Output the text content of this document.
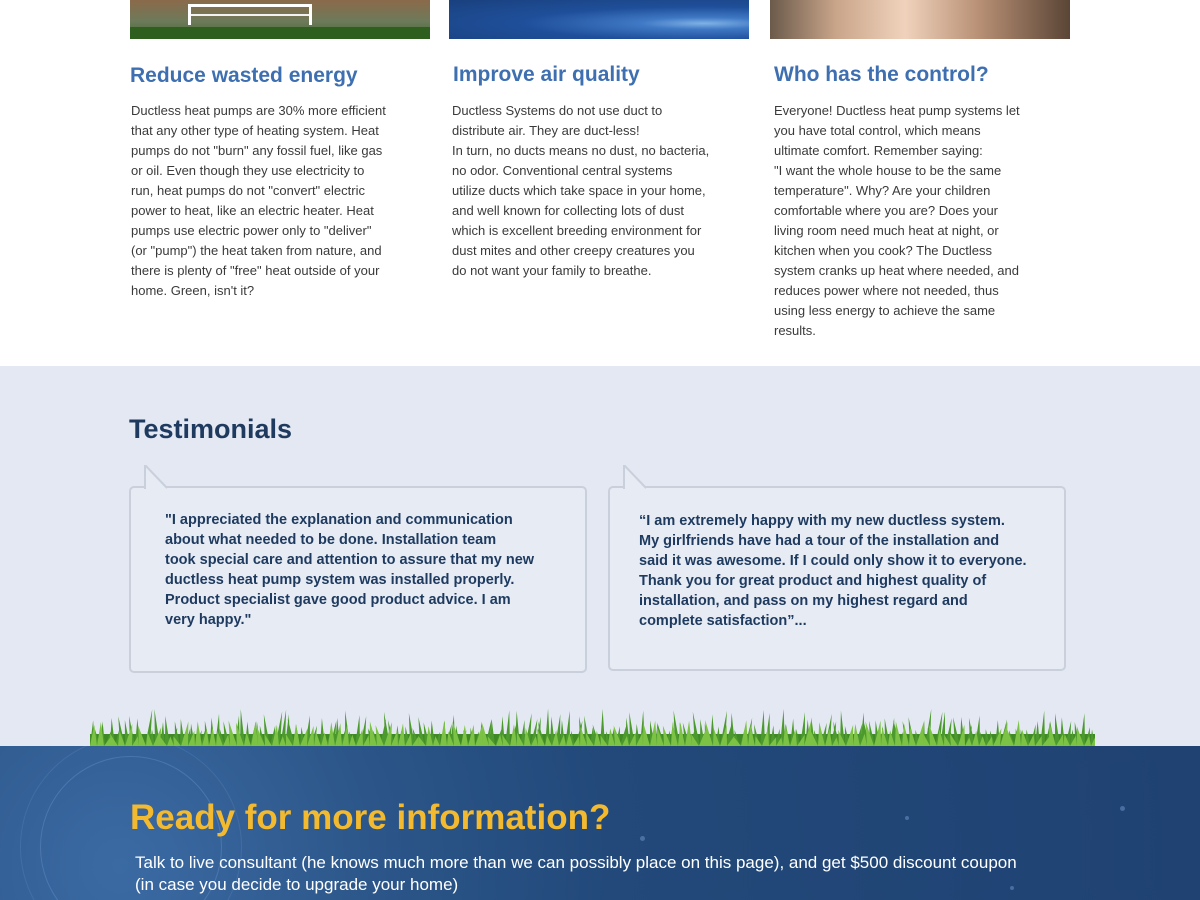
Reduce wasted energy

Ductless heat pumps are 30% more efficient
that any other type of heating system. Heat
pumps do not "burn" any fossil fuel, like gas
or oil. Even though they use electricity to
run, heat pumps do not "convert" electric
power to heat, like an electric heater. Heat
pumps use electric power only to "deliver"
(or "pump") the heat taken from nature, and
there is plenty of "free" heat outside of your
home. Green, isn't it?

Improve air quality

Ductless Systems do not use duct to
distribute air. They are duct-less!
In turn, no ducts means no dust, no bacteria,
no odor. Conventional central systems
utilize ducts which take space in your home,
and well known for collecting lots of dust
which is excellent breeding environment for
dust mites and other creepy creatures you
do not want your family to breathe.

Who has the control?

Everyone! Ductless heat pump systems let
you have total control, which means
ultimate comfort. Remember saying:
"I want the whole house to be the same
temperature". Why? Are your children
comfortable where you are? Does your
living room need much heat at night, or
kitchen when you cook? The Ductless
system cranks up heat where needed, and
reduces power where not needed, thus
using less energy to achieve the same
results.

Testimonials

"I appreciated the explanation and communication
about what needed to be done. Installation team
took special care and attention to assure that my new
ductless heat pump system was installed properly.
Product specialist gave good product advice. I am
very happy."

“I am extremely happy with my new ductless system.
My girlfriends have had a tour of the installation and
said it was awesome. If I could only show it to everyone.
Thank you for great product and highest quality of
installation, and pass on my highest regard and
complete satisfaction”...

Ready for more information?

Talk to live consultant (he knows much more than we can possibly place on this page), and get $500 discount coupon
(in case you decide to upgrade your home)
